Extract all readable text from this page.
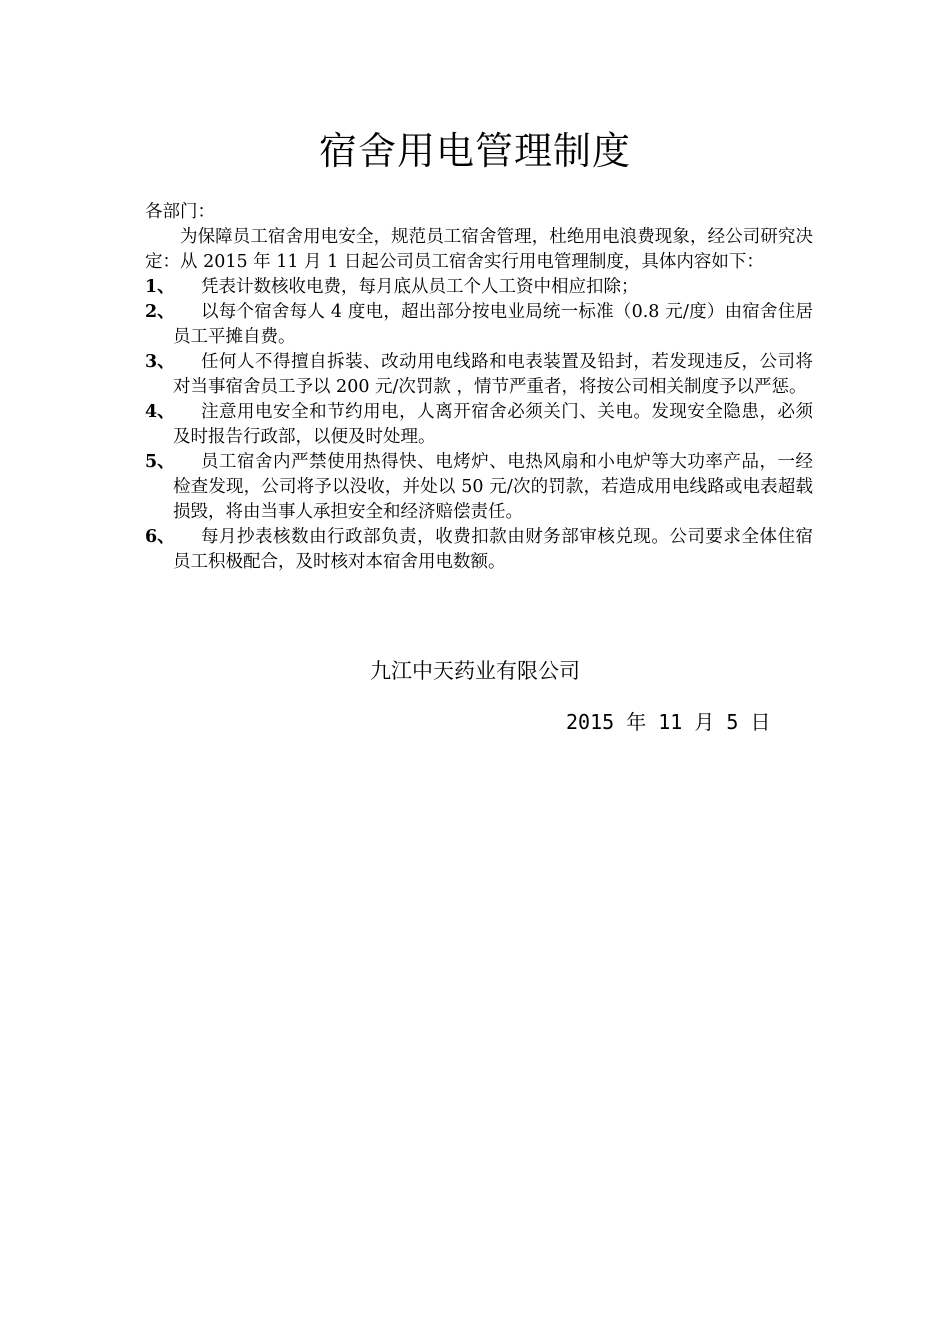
宿舍用电管理制度

各部门：

为保障员工宿舍用电安全，规范员工宿舍管理，杜绝用电浪费现象，经公司研究决定：从 2015 年 11 月 1 日起公司员工宿舍实行用电管理制度，具体内容如下：

1、	凭表计数核收电费，每月底从员工个人工资中相应扣除；
2、	以每个宿舍每人 4 度电，超出部分按电业局统一标准（0.8 元/度）由宿舍住居员工平摊自费。
3、	任何人不得擅自拆装、改动用电线路和电表装置及铅封，若发现违反，公司将对当事宿舍员工予以 200 元/次罚款 ，情节严重者，将按公司相关制度予以严惩。
4、	注意用电安全和节约用电，人离开宿舍必须关门、关电。发现安全隐患，必须及时报告行政部，以便及时处理。
5、	员工宿舍内严禁使用热得快、电烤炉、电热风扇和小电炉等大功率产品，一经检查发现，公司将予以没收，并处以 50 元/次的罚款，若造成用电线路或电表超载损毁，将由当事人承担安全和经济赔偿责任。
6、	每月抄表核数由行政部负责，收费扣款由财务部审核兑现。公司要求全体住宿员工积极配合，及时核对本宿舍用电数额。
九江中天药业有限公司
2015 年 11 月 5 日
